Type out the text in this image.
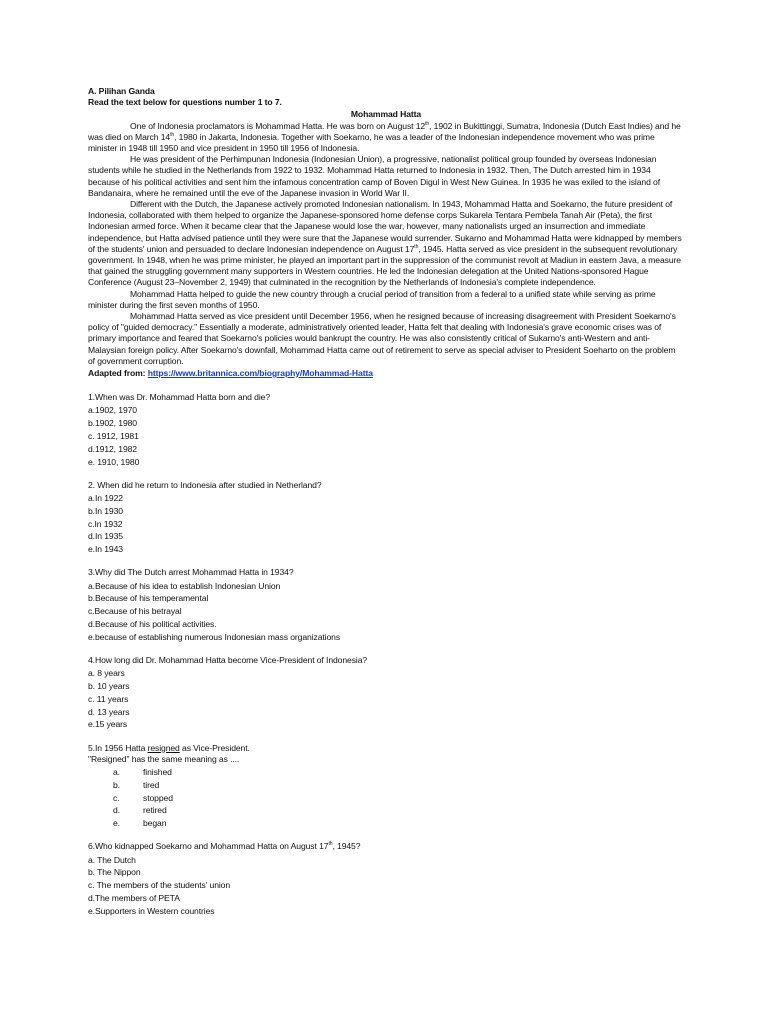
A. Pilihan Ganda

Read the text below for questions number 1 to 7.

Mohammad Hatta

One of Indonesia proclamators is Mohammad Hatta. He was born on August 12th, 1902 in Bukittinggi, Sumatra, Indonesia (Dutch East Indies) and he was died on March 14th, 1980 in Jakarta, Indonesia. Together with Soekarno, he was a leader of the Indonesian independence movement who was prime minister in 1948 till 1950 and vice president in 1950 till 1956 of Indonesia.

He was president of the Perhimpunan Indonesia (Indonesian Union), a progressive, nationalist political group founded by overseas Indonesian students while he studied in the Netherlands from 1922 to 1932. Mohammad Hatta returned to Indonesia in 1932. Then, The Dutch arrested him in 1934 because of his political activities and sent him the infamous concentration camp of Boven Digul in West New Guinea. In 1935 he was exiled to the island of Bandanaira, where he remained until the eve of the Japanese invasion in World War II.

Different with the Dutch, the Japanese actively promoted Indonesian nationalism. In 1943, Mohammad Hatta and Soekarno, the future president of Indonesia, collaborated with them helped to organize the Japanese-sponsored home defense corps Sukarela Tentara Pembela Tanah Air (Peta), the first Indonesian armed force. When it became clear that the Japanese would lose the war, however, many nationalists urged an insurrection and immediate independence, but Hatta advised patience until they were sure that the Japanese would surrender. Sukarno and Mohammad Hatta were kidnapped by members of the students' union and persuaded to declare Indonesian independence on August 17th, 1945. Hatta served as vice president in the subsequent revolutionary government. In 1948, when he was prime minister, he played an important part in the suppression of the communist revolt at Madiun in eastern Java, a measure that gained the struggling government many supporters in Western countries. He led the Indonesian delegation at the United Nations-sponsored Hague Conference (August 23–November 2, 1949) that culminated in the recognition by the Netherlands of Indonesia's complete independence.

Mohammad Hatta helped to guide the new country through a crucial period of transition from a federal to a unified state while serving as prime minister during the first seven months of 1950.

Mohammad Hatta served as vice president until December 1956, when he resigned because of increasing disagreement with President Soekarno's policy of "guided democracy." Essentially a moderate, administratively oriented leader, Hatta felt that dealing with Indonesia's grave economic crises was of primary importance and feared that Soekarno's policies would bankrupt the country. He was also consistently critical of Sukarno's anti-Western and anti-Malaysian foreign policy. After Soekarno's downfall, Mohammad Hatta came out of retirement to serve as special adviser to President Soeharto on the problem of government corruption.

Adapted from: https://www.britannica.com/biography/Mohammad-Hatta

1.When was Dr. Mohammad Hatta born and die?

a.1902, 1970

b.1902, 1980

c. 1912, 1981

d.1912, 1982

e. 1910, 1980

2. When did he return to Indonesia after studied in Netherland?

a.In 1922

b.In 1930

c.In 1932

d.In 1935

e.In 1943

3.Why did The Dutch arrest Mohammad Hatta in 1934?

a.Because of his idea to establish Indonesian Union

b.Because of his temperamental

c.Because of his betrayal

d.Because of his political activities.

e.because of establishing numerous Indonesian mass organizations

4.How long did Dr. Mohammad Hatta become Vice-President of Indonesia?

a. 8 years

b. 10 years

c. 11 years

d. 13 years

e.15 years

5.In 1956 Hatta resigned as Vice-President.

"Resigned" has the same meaning as ....

a.	finished
b.	tired
c.	stopped
d.	retired
e.	began

6.Who kidnapped Soekarno and Mohammad Hatta on August 17th, 1945?

a. The Dutch

b. The Nippon

c. The members of the students' union

d.The members of PETA

e.Supporters in Western countries
